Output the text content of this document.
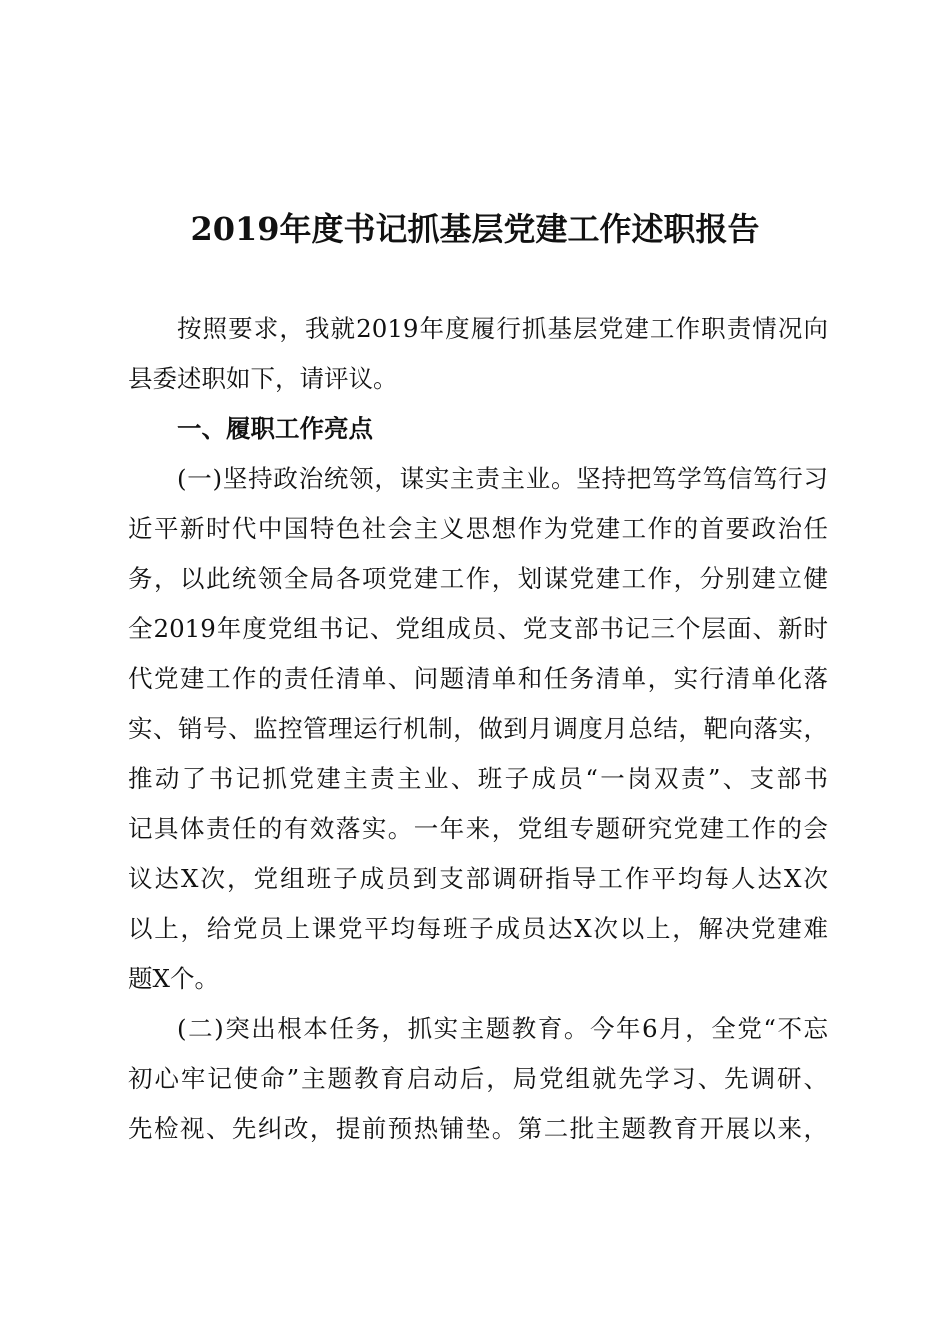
2019年度书记抓基层党建工作述职报告
按照要求，我就2019年度履行抓基层党建工作职责情况向
县委述职如下，请评议。
一、履职工作亮点
(一)坚持政治统领，谋实主责主业。坚持把笃学笃信笃行习
近平新时代中国特色社会主义思想作为党建工作的首要政治任
务，以此统领全局各项党建工作，划谋党建工作，分别建立健
全2019年度党组书记、党组成员、党支部书记三个层面、新时
代党建工作的责任清单、问题清单和任务清单，实行清单化落
实、销号、监控管理运行机制，做到月调度月总结，靶向落实，
推动了书记抓党建主责主业、班子成员“一岗双责”、支部书
记具体责任的有效落实。一年来，党组专题研究党建工作的会
议达X次，党组班子成员到支部调研指导工作平均每人达X次
以上，给党员上课党平均每班子成员达X次以上，解决党建难
题X个。
(二)突出根本任务，抓实主题教育。今年6月，全党“不忘
初心牢记使命”主题教育启动后，局党组就先学习、先调研、
先检视、先纠改，提前预热铺垫。第二批主题教育开展以来，
